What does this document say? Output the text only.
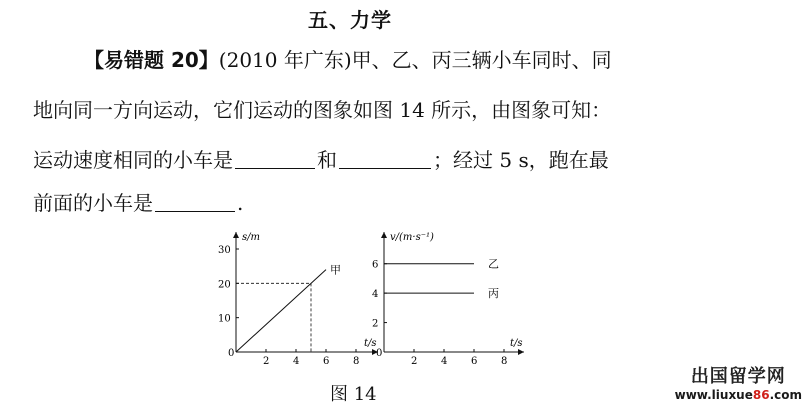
五、力学
【易错题 20】(2010 年广东)甲、乙、丙三辆小车同时、同
地向同一方向运动，它们运动的图象如图 14 所示，由图象可知：
运动速度相同的小车是	和	；经过 5 s，跑在最
前面的小车是	.
s/m
t/s
0
2 4 6 8
10
20
30
甲
v/(m·s⁻¹)
t/s
0
2 4 6 8
2
4
6	乙
丙
图 14
出国留学网
www.liuxue86.com
